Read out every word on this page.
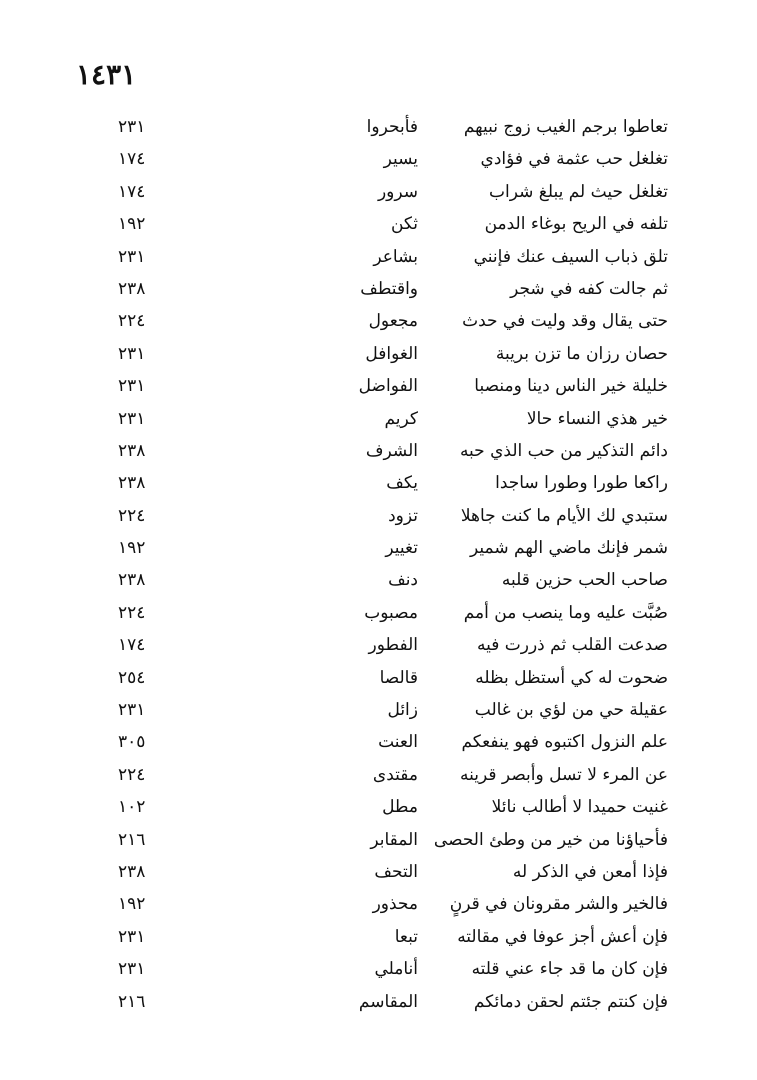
١٤٣١
تعاطوا برجم الغيب زوج نبيهم
فأبحروا
٢٣١
تغلغل حب عثمة في فؤادي
يسير
١٧٤
تغلغل حيث لم يبلغ شراب
سرور
١٧٤
تلفه في الريح بوغاء الدمن
ثكن
١٩٢
تلق ذباب السيف عنك فإنني
بشاعر
٢٣١
ثم جالت كفه في شجر
واقتطف
٢٣٨
حتى يقال وقد وليت في حدث
مجعول
٢٢٤
حصان رزان ما تزن بريبة
الغوافل
٢٣١
خليلة خير الناس دينا ومنصبا
الفواضل
٢٣١
خير هذي النساء حالا
كريم
٢٣١
دائم التذكير من حب الذي حبه
الشرف
٢٣٨
راكعا طورا وطورا ساجدا
يكف
٢٣٨
ستبدي لك الأيام ما كنت جاهلا
تزود
٢٢٤
شمر فإنك ماضي الهم شمير
تغيير
١٩٢
صاحب الحب حزين قلبه
دنف
٢٣٨
صُبَّت عليه وما ينصب من أمم
مصبوب
٢٢٤
صدعت القلب ثم ذررت فيه
الفطور
١٧٤
ضحوت له كي أستظل بظله
قالصا
٢٥٤
عقيلة حي من لؤي بن غالب
زائل
٢٣١
علم النزول اكتبوه فهو ينفعكم
العنت
٣٠٥
عن المرء لا تسل وأبصر قرينه
مقتدى
٢٢٤
غنيت حميدا لا أطالب نائلا
مطل
١٠٢
فأحياؤنا من خير من وطئ الحصى
المقابر
٢١٦
فإذا أمعن في الذكر له
التحف
٢٣٨
فالخير والشر مقرونان في قرنٍ
محذور
١٩٢
فإن أعش أجز عوفا في مقالته
تبعا
٢٣١
فإن كان ما قد جاء عني قلته
أناملي
٢٣١
فإن كنتم جئتم لحقن دمائكم
المقاسم
٢١٦
